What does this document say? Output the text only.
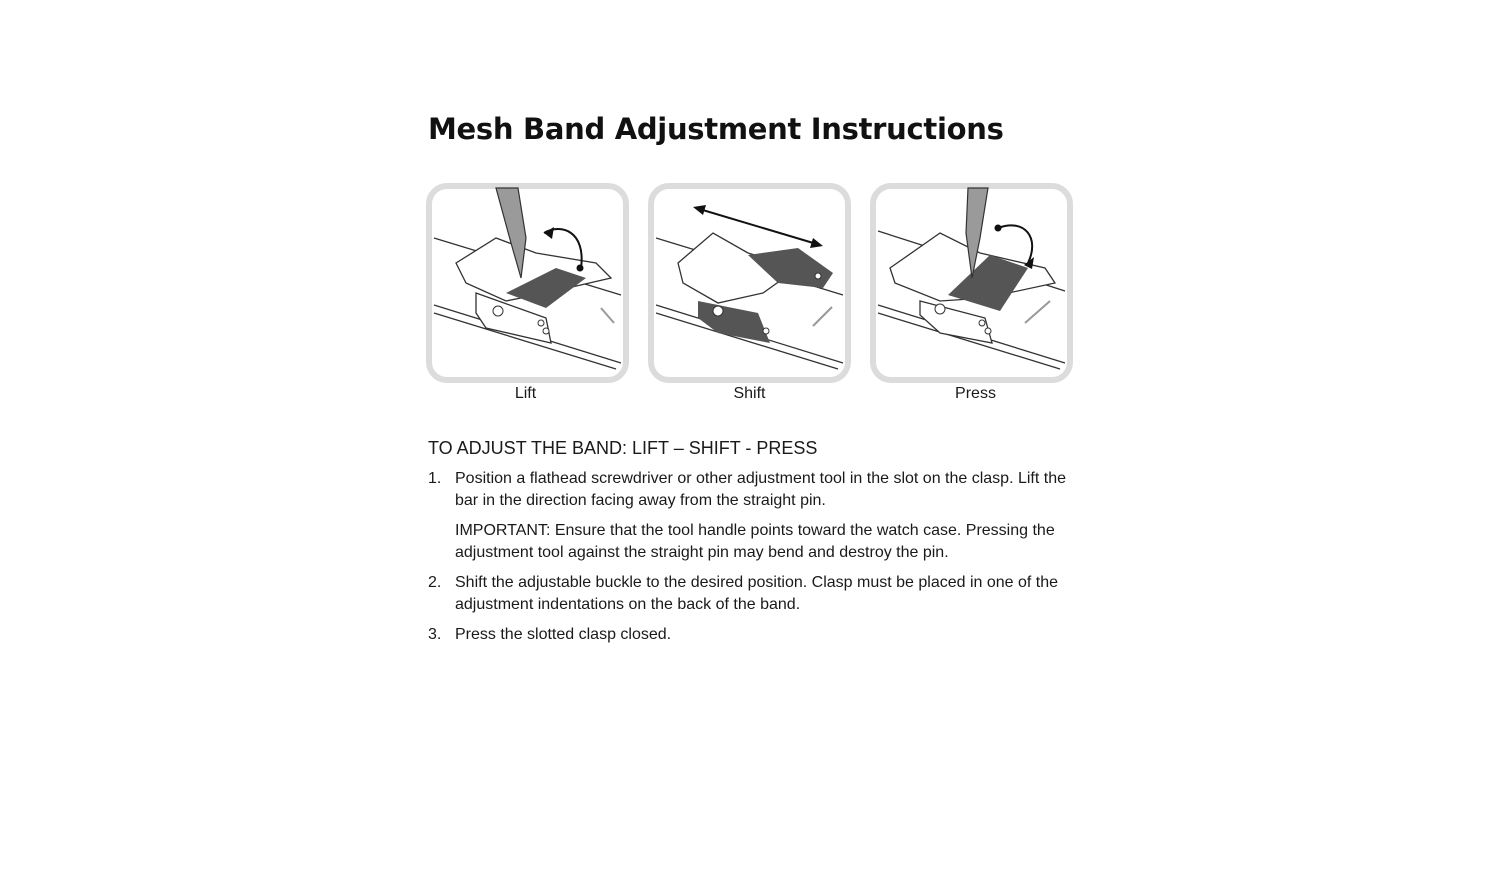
Mesh Band Adjustment Instructions
Lift	Shift	Press
TO ADJUST THE BAND: LIFT – SHIFT - PRESS
1. Position a flathead screwdriver or other adjustment tool in the slot on the clasp. Lift the bar in the direction facing away from the straight pin.

IMPORTANT: Ensure that the tool handle points toward the watch case. Pressing the adjustment tool against the straight pin may bend and destroy the pin.

2. Shift the adjustable buckle to the desired position. Clasp must be placed in one of the adjustment indentations on the back of the band.

3. Press the slotted clasp closed.
